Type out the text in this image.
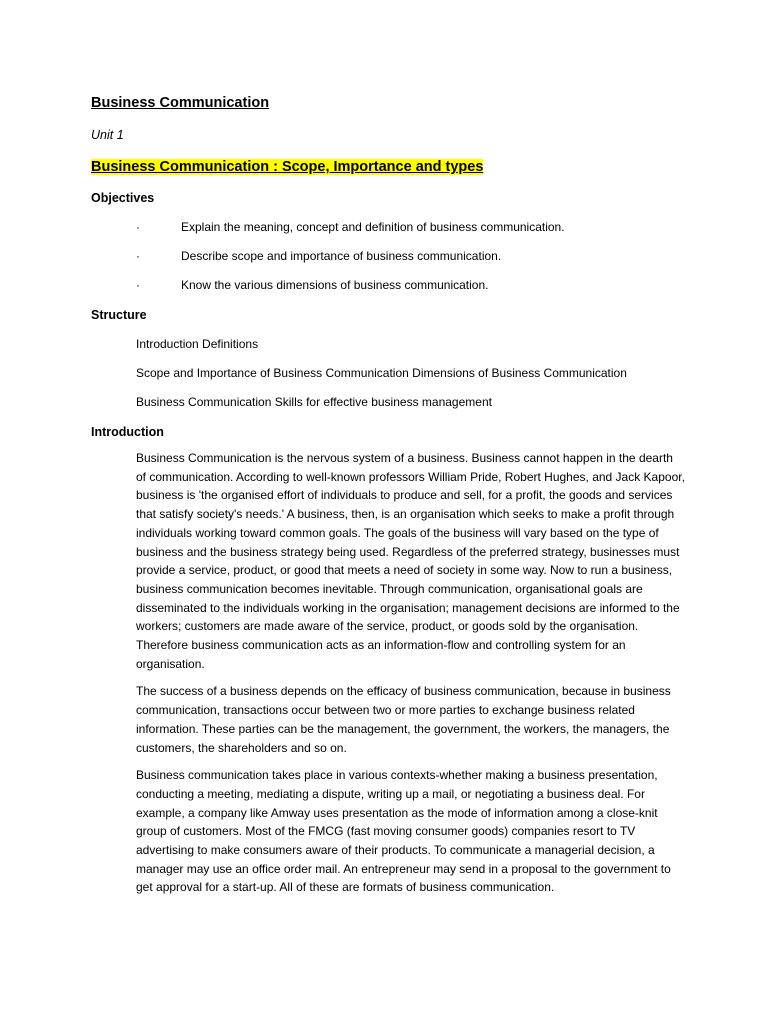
Business Communication
Unit 1
Business Communication : Scope, Importance and types
Objectives
·	Explain the meaning, concept and definition of business communication.
·	Describe scope and importance of business communication.
·	Know the various dimensions of business communication.
Structure
Introduction Definitions
Scope and Importance of Business Communication Dimensions of Business Communication
Business Communication Skills for effective business management
Introduction

Business Communication is the nervous system of a business. Business cannot happen in the dearth of communication. According to well-known professors William Pride, Robert Hughes, and Jack Kapoor, business is 'the organised effort of individuals to produce and sell, for a profit, the goods and services that satisfy society's needs.' A business, then, is an organisation which seeks to make a profit through individuals working toward common goals. The goals of the business will vary based on the type of business and the business strategy being used. Regardless of the preferred strategy, businesses must provide a service, product, or good that meets a need of society in some way. Now to run a business, business communication becomes inevitable. Through communication, organisational goals are disseminated to the individuals working in the organisation; management decisions are informed to the workers; customers are made aware of the service, product, or goods sold by the organisation. Therefore business communication acts as an information-flow and controlling system for an organisation.

The success of a business depends on the efficacy of business communication, because in business communication, transactions occur between two or more parties to exchange business related information. These parties can be the management, the government, the workers, the managers, the customers, the shareholders and so on.

Business communication takes place in various contexts-whether making a business presentation, conducting a meeting, mediating a dispute, writing up a mail, or negotiating a business deal. For example, a company like Amway uses presentation as the mode of information among a close-knit group of customers. Most of the FMCG (fast moving consumer goods) companies resort to TV advertising to make consumers aware of their products. To communicate a managerial decision, a manager may use an office order mail. An entrepreneur may send in a proposal to the government to get approval for a start-up. All of these are formats of business communication.
